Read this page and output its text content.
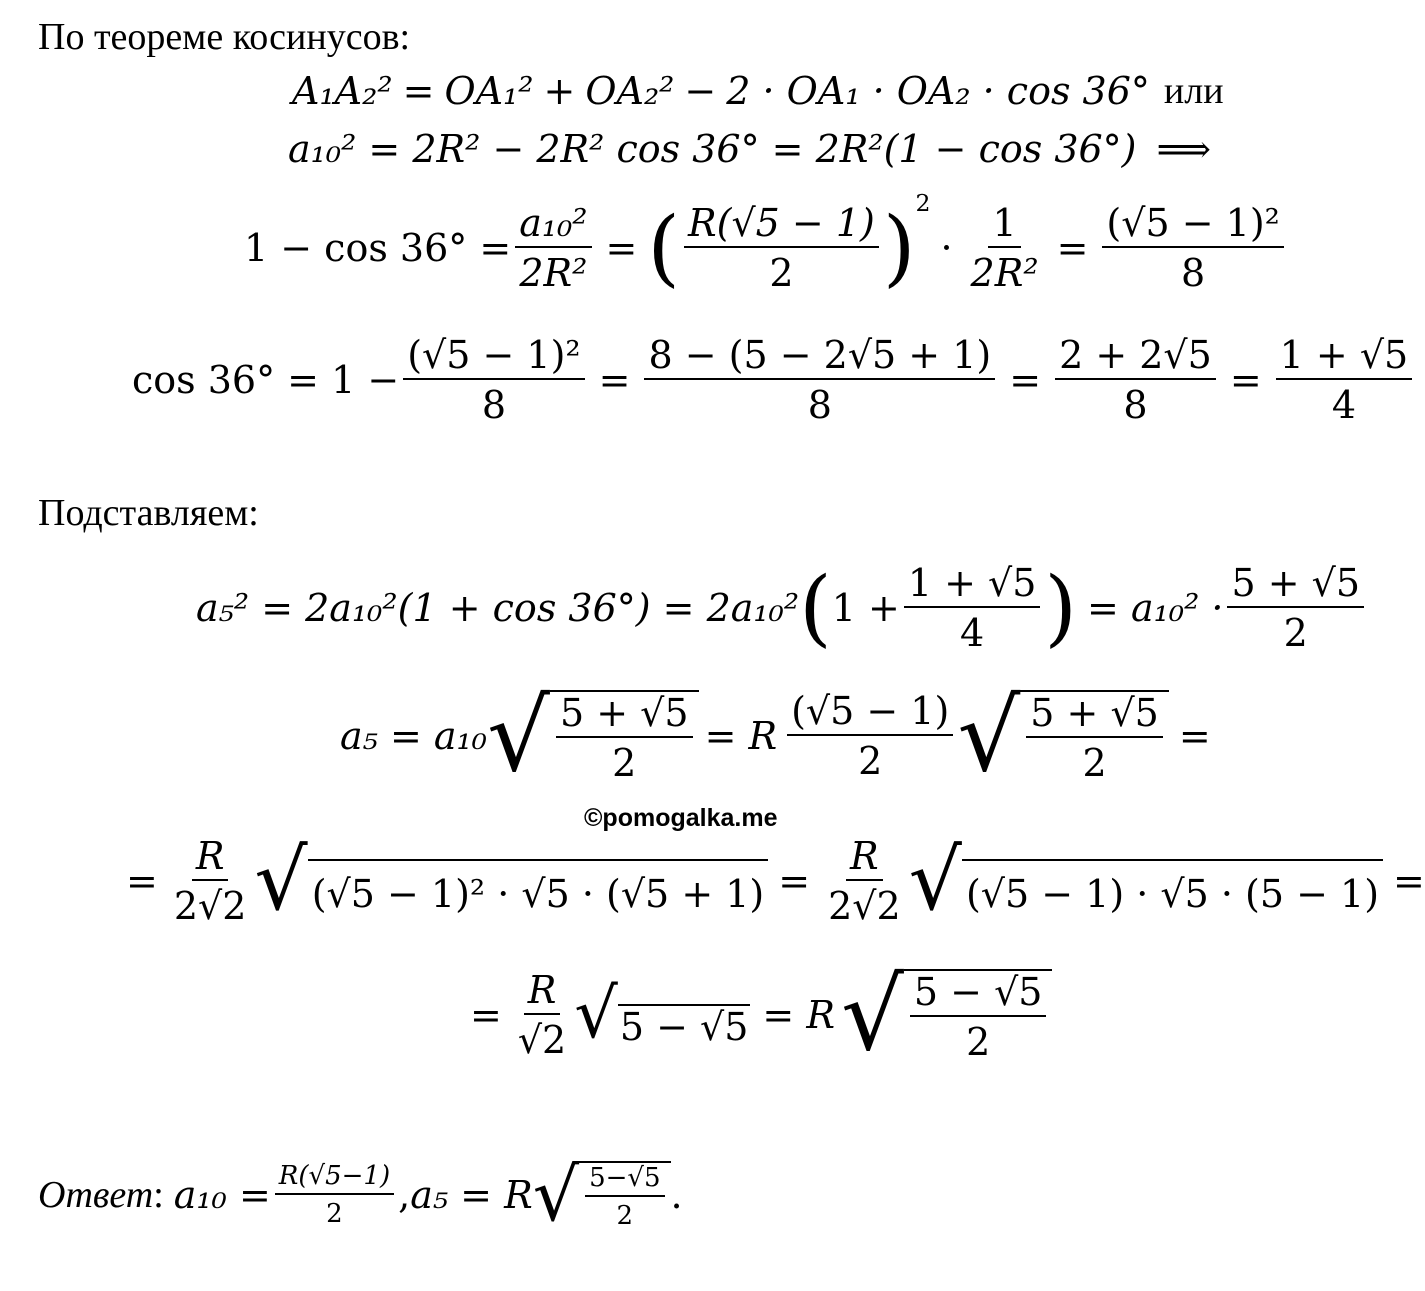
По теореме косинусов:
A₁A₂² = OA₁² + OA₂² − 2 · OA₁ · OA₂ · cos 36° или
a₁₀² = 2R² − 2R² cos 36° = 2R²(1 − cos 36°) ⟹
$1 - \cos 36^\circ = \frac{\text{a₁₀²}}{\text{2R²}}$ = ( $\frac{R(√5 - 1)}{2}$ ) 2
· $\frac{1}{\text{2R²}} = \frac{\text{(√5 − 1)²}}{8}$
$\cos 36^\circ = 1 - \frac{\text{(√5 − 1)²}}{8} = \frac{8 - (5 - 2√5 + 1)}{8} = \frac{2 + 2√5}{8} = \frac{1 + √5}{4}$
Подставляем:
a₅² = 2a₁₀²(1 + cos 36°) = 2a₁₀² ( $1 + \frac{1 + √5}{4}$ ) = $a_{10}^2 \cdot \frac{5 + √5}{2}$
a₅ = a₁₀ √ $\frac{5 + √5}{2} = R \frac{(√5 - 1)}{2}$ √ $\frac{5 + √5}{2}$ =
©pomogalka.me
= $\frac{R}{2√2}$ √ $(√5 - 1)^2 \cdot √5 \cdot (√5 + 1) = \frac{R}{2√2}$ √ (√5 − 1) · √5 · (5 − 1) =
= $\frac{R}{√2}$ √ 5 − √5 = R √ $\frac{5 - √5}{2}$
Ответ : $a_{10} = \frac{R(√5-1)}{2}$ , a₅ = R √ $\frac{5-√5}{2}$ .
